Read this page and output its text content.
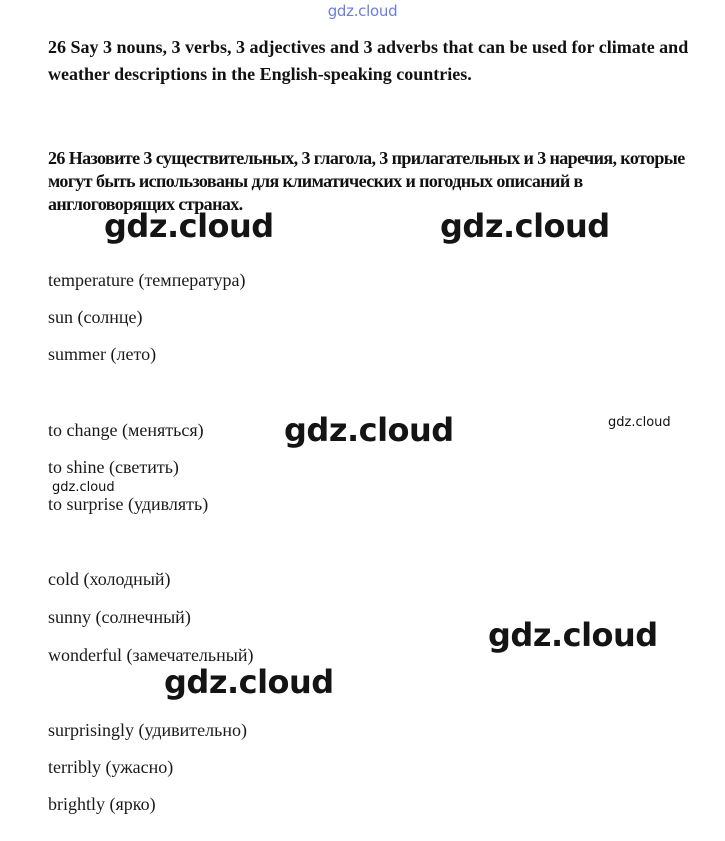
gdz.cloud

26 Say 3 nouns, 3 verbs, 3 adjectives and 3 adverbs that can be used for climate and weather descriptions in the English-speaking countries.

26 Назовите 3 существительных, 3 глагола, 3 прилагательных и 3 наречия, которые могут быть использованы для климатических и погодных описаний в англоговорящих странах.

temperature (температура)
sun (солнце)
summer (лето)
to change (меняться)
to shine (светить)
to surprise (удивлять)
cold (холодный)
sunny (солнечный)
wonderful (замечательный)
surprisingly (удивительно)
terribly (ужасно)
brightly (ярко)
gdz.cloud	gdz.cloud
gdz.cloud	gdz.cloud
gdz.cloud
gdz.cloud
gdz.cloud
